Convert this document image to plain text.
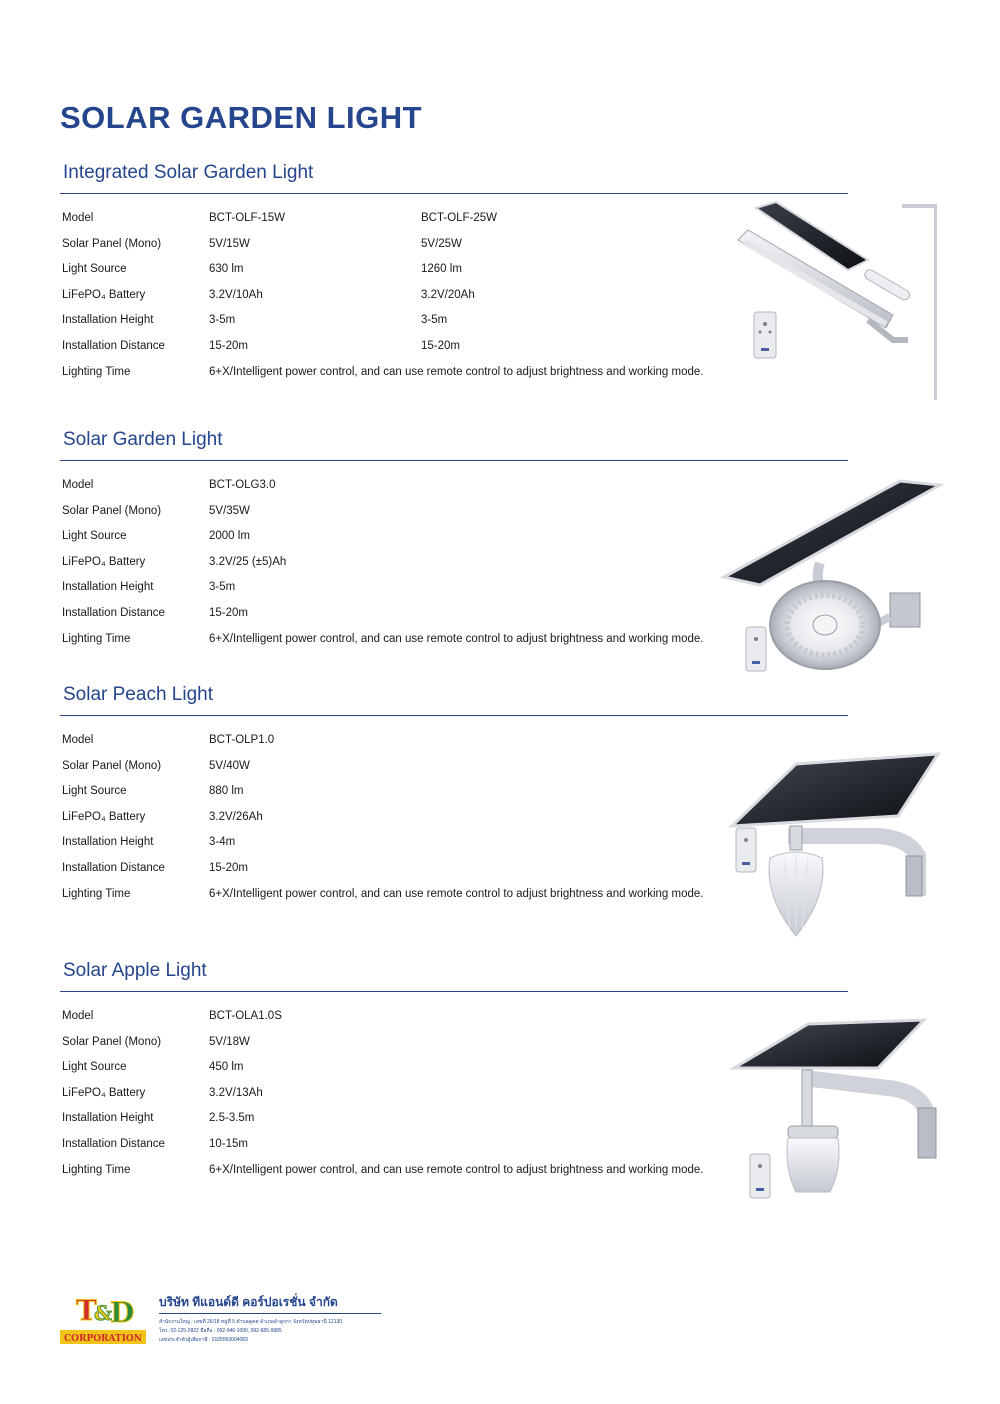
SOLAR GARDEN LIGHT
Integrated Solar Garden Light
Model	BCT-OLF-15W	BCT-OLF-25W
Solar Panel (Mono)	5V/15W	5V/25W
Light Source	630 lm	1260 lm
LiFePO₄ Battery	3.2V/10Ah	3.2V/20Ah
Installation Height	3-5m	3-5m
Installation Distance	15-20m	15-20m
Lighting Time	6+X/Intelligent power control, and can use remote control to adjust brightness and working mode.
Solar Garden Light
Model	BCT-OLG3.0
Solar Panel (Mono)	5V/35W
Light Source	2000 lm
LiFePO₄ Battery	3.2V/25 (±5)Ah
Installation Height	3-5m
Installation Distance	15-20m
Lighting Time	6+X/Intelligent power control, and can use remote control to adjust brightness and working mode.
Solar Peach Light
Model	BCT-OLP1.0
Solar Panel (Mono)	5V/40W
Light Source	880 lm
LiFePO₄ Battery	3.2V/26Ah
Installation Height	3-4m
Installation Distance	15-20m
Lighting Time	6+X/Intelligent power control, and can use remote control to adjust brightness and working mode.
Solar Apple Light
Model	BCT-OLA1.0S
Solar Panel (Mono)	5V/18W
Light Source	450 lm
LiFePO₄ Battery	3.2V/13Ah
Installation Height	2.5-3.5m
Installation Distance	10-15m
Lighting Time	6+X/Intelligent power control, and can use remote control to adjust brightness and working mode.
T
&
D
CORPORATION
บริษัท ทีแอนด์ดี คอร์ปอเรชั่น จำกัด
สำนักงานใหญ่ : เลขที่ 26/18 หมู่ที่ 5 ตำบลคูคต อำเภอลำลูกกา จังหวัดปทุมธานี 12130
โทร. 02-125-2822 มือถือ : 092-946-1090, 092-685-9985
เลขประจำตัวผู้เสียภาษี : 0105563004083
